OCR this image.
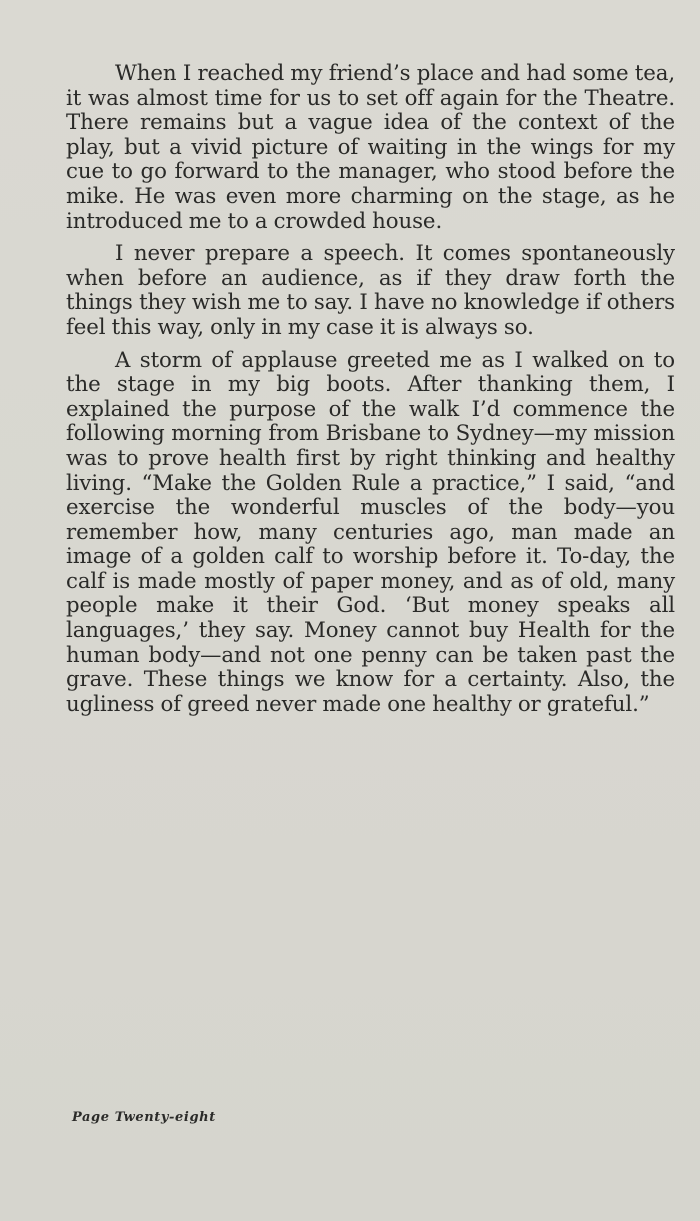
When I reached my friend’s place and had some tea, it was almost time for us to set off again for the Theatre. There remains but a vague idea of the context of the play, but a vivid picture of waiting in the wings for my cue to go forward to the manager, who stood before the mike. He was even more charming on the stage, as he introduced me to a crowded house.

I never prepare a speech. It comes spontaneously when before an audience, as if they draw forth the things they wish me to say. I have no knowledge if others feel this way, only in my case it is always so.

A storm of applause greeted me as I walked on to the stage in my big boots. After thanking them, I explained the purpose of the walk I’d commence the following morning from Brisbane to Sydney—my mission was to prove health first by right thinking and healthy living. “Make the Golden Rule a practice,” I said, “and exercise the wonderful muscles of the body—you remember how, many centuries ago, man made an image of a golden calf to worship before it. To-day, the calf is made mostly of paper money, and as of old, many people make it their God. ‘But money speaks all languages,’ they say. Money cannot buy Health for the human body—and not one penny can be taken past the grave. These things we know for a certainty. Also, the ugliness of greed never made one healthy or grateful.”

Page Twenty-eight
